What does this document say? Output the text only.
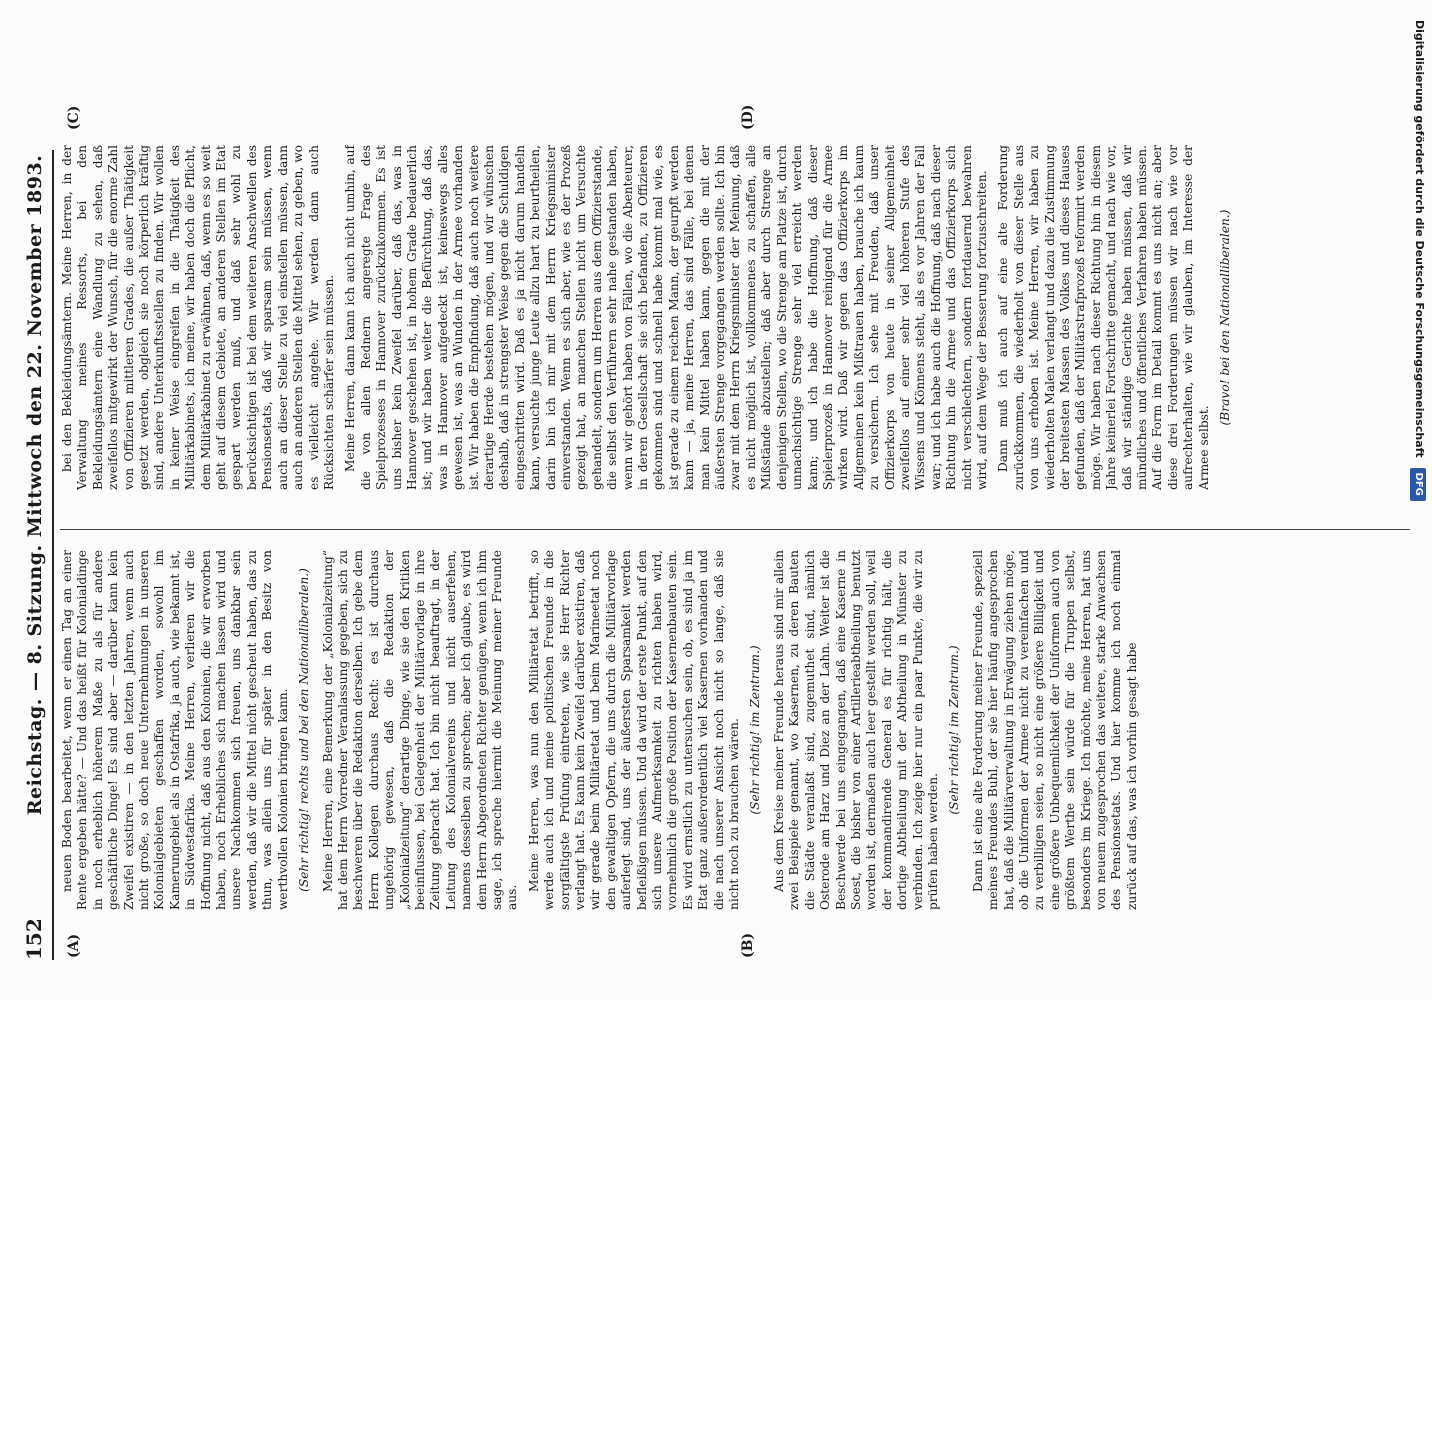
152
Reichstag. — 8. Sitzung. Mittwoch den 22. November 1893.
(A)	(B)
(C)	(D)

neuen Boden bearbeitet, wenn er einen Tag an einer Rente ergeben hätte? — Und das heißt für Kolonialdinge in noch erheblich höherem Maße zu als für andere geschäftliche Dinge! Es sind aber — darüber kann kein Zweifel existiren — in den letzten Jahren, wenn auch nicht große, so doch neue Unternehmungen in unseren Kolonialgebieten geschaffen worden, sowohl im Kamerungebiet als in Ostafrika, ja auch, wie bekannt ist, in Südwestafrika. Meine Herren, verlieren wir die Hoffnung nicht, daß aus den Kolonien, die wir erworben haben, noch Erhebliches sich machen lassen wird und unsere Nachkommen sich freuen, uns dankbar sein werden, daß wir die Mittel nicht gescheut haben, das zu thun, was allein uns für später in den Besitz von werthvollen Kolonien bringen kann. (Sehr richtig! rechts und bei den Nationalliberalen.) Meine Herren, eine Bemerkung der „Kolonialzeitung“ hat dem Herrn Vorredner Veranlassung gegeben, sich zu beschweren über die Redaktion derselben. Ich gebe dem Herrn Kollegen durchaus Recht: es ist durchaus ungehörig gewesen, daß die Redaktion der „Kolonialzeitung“ derartige Dinge, wie sie den Kritiken beeinflussen, bei Gelegenheit der Militärvorlage in ihre Zeitung gebracht hat. Ich bin nicht beauftragt, in der Leitung des Kolonialvereins und nicht auserfehen, namens desselben zu sprechen; aber ich glaube, es wird dem Herrn Abgeordneten Richter genügen, wenn ich ihm sage, ich spreche hiermit die Meinung meiner Freunde aus.

Meine Herren, was nun den Militäretat betrifft, so werde auch ich und meine politischen Freunde in die sorgfältigste Prüfung eintreten, wie sie Herr Richter verlangt hat. Es kann kein Zweifel darüber existiren, daß wir gerade beim Militäretat und beim Marineetat noch den gewaltigen Opfern, die uns durch die Militärvorlage auferlegt sind, uns der äußersten Sparsamkeit werden befleißigen müssen. Und da wird der erste Punkt, auf den sich unsere Aufmerksamkeit zu richten haben wird, vornehmlich die große Position der Kasernenbauten sein. Es wird ernstlich zu untersuchen sein, ob, es sind ja im Etat ganz außerordentlich viel Kasernen vorhanden und die nach unserer Ansicht noch nicht so lange, daß sie nicht noch zu brauchen wären. (Sehr richtig! im Zentrum.) Aus dem Kreise meiner Freunde heraus sind mir allein zwei Beispiele genannt, wo Kasernen, zu deren Bauten die Städte veranlaßt sind, zugemuthet sind, nämlich Osterode am Harz und Diez an der Lahn. Weiter ist die Beschwerde bei uns eingegangen, daß eine Kaserne in Soest, die bisher von einer Artillerieabtheilung benutzt worden ist, dermaßen auch leer gestellt werden soll, weil der kommandirende General es für richtig hält, die dortige Abtheilung mit der Abtheilung in Münster zu verbinden. Ich zeige hier nur ein paar Punkte, die wir zu prüfen haben werden.

(Sehr richtig! im Zentrum.) Dann ist eine alte Forderung meiner Freunde, speziell meines Freundes Buhl, der sie hier häufig angesprochen hat, daß die Militärverwaltung in Erwägung ziehen möge, ob die Uniformen der Armee nicht zu vereinfachen und zu verbilligen seien, so nicht eine größere Billigkeit und eine größere Unbequemlichkeit der Uniformen auch von größtem Werthe sein würde für die Truppen selbst, besonders im Kriege. Ich möchte, meine Herren, hat uns von neuem zugesprochen das weitere, starke Anwachsen des Pensionsetats. Und hier komme ich noch einmal zurück auf das, was ich vorhin gesagt habe

bei den Bekleidungsämtern. Meine Herren, in der Verwaltung meines Ressorts, bei den Bekleidungsämtern eine Wandlung zu sehen, daß zweifellos mitgewirkt der Wunsch, für die enorme Zahl von Offizieren mittleren Grades, die außer Thätigkeit gesetzt werden, obgleich sie noch körperlich kräftig sind, andere Unterkunftsstellen zu finden. Wir wollen in keiner Weise eingreifen in die Thätigkeit des Militärkabinets, ich meine, wir haben doch die Pflicht, dem Militärkabinet zu erwähnen, daß, wenn es so weit geht auf diesem Gebiete, an anderen Stellen im Etat gespart werden muß, und daß sehr wohl zu berücksichtigen ist bei dem weiteren Anschwellen des Pensionsetats, daß wir sparsam sein müssen, wenn auch an dieser Stelle zu viel einstellen müssen, dann auch an anderen Stellen die Mittel sehen, zu geben, wo es vielleicht angehe. Wir werden dann auch Rücksichten schärfer sein müssen. Meine Herren, dann kann ich auch nicht umhin, auf die von allen Rednern angeregte Frage des Spielprozesses in Hannover zurückzukommen. Es ist uns bisher kein Zweifel darüber, daß das, was in Hannover geschehen ist, in hohem Grade bedauerlich ist; und wir haben weiter die Befürchtung, daß das, was in Hannover aufgedeckt ist, keineswegs alles gewesen ist, was an Wunden in der Armee vorhanden ist. Wir haben die Empfindung, daß auch noch weitere derartige Herde bestehen mögen, und wir wünschen deshalb, daß in strengster Weise gegen die Schuldigen eingeschritten wird. Daß es ja nicht darum handeln kann, versuchte junge Leute allzu hart zu beurtheilen, darin bin ich mir mit dem Herrn Kriegsminister einverstanden. Wenn es sich aber, wie es der Prozeß gezeigt hat, an manchen Stellen nicht um Versuchte gehandelt, sondern um Herren aus dem Offizierstande, die selbst den Verführern sehr nahe gestanden haben, wenn wir gehört haben von Fällen, wo die Abenteurer, in deren Gesellschaft sie sich befanden, zu Offizieren gekommen sind und schnell habe kommt mal wie, es ist gerade zu einem reichen Mann, der geurpft werden kann — ja, meine Herren, das sind Fälle, bei denen man kein Mittel haben kann, gegen die mit der äußersten Strenge vorgegangen werden sollte. Ich bin zwar mit dem Herrn Kriegsminister der Meinung, daß es nicht möglich ist, vollkommenes zu schaffen, alle Mißstände abzustellen; daß aber durch Strenge an denjenigen Stellen, wo die Strenge am Platze ist, durch unnachsichtige Strenge sehr viel erreicht werden kann; und ich habe die Hoffnung, daß dieser Spielerprozeß in Hannover reinigend für die Armee wirken wird. Daß wir gegen das Offizierkorps im Allgemeinen kein Mißtrauen haben, brauche ich kaum zu versichern. Ich sehe mit Freuden, daß unser Offizierkorps von heute in seiner Allgemeinheit zweifellos auf einer sehr viel höheren Stufe des Wissens und Könnens steht, als es vor Jahren der Fall war; und ich habe auch die Hoffnung, daß nach dieser Richtung hin die Armee und das Offizierkorps sich nicht verschlechtern, sondern fortdauernd bewahren wird, auf dem Wege der Besserung fortzuschreiten. Dann muß ich auch auf eine alte Forderung zurückkommen, die wiederholt von dieser Stelle aus von uns erhoben ist. Meine Herren, wir haben zu wiederholten Malen verlangt und dazu die Zustimmung der breitesten Massen des Volkes und dieses Hauses gefunden, daß der Militärstrafprozeß reformirt werden möge. Wir haben nach dieser Richtung hin in diesem Jahre keinerlei Fortschritte gemacht, und nach wie vor, daß wir ständige Gerichte haben müssen, daß wir mündliches und öffentliches Verfahren haben müssen. Auf die Form im Detail kommt es uns nicht an; aber diese drei Forderungen müssen wir nach wie vor aufrechterhalten, wie wir glauben, im Interesse der Armee selbst.

(Bravo! bei den Nationalliberalen.)	Digitalisierung gefördert durch die Deutsche Forschungsgemeinschaft DFG
